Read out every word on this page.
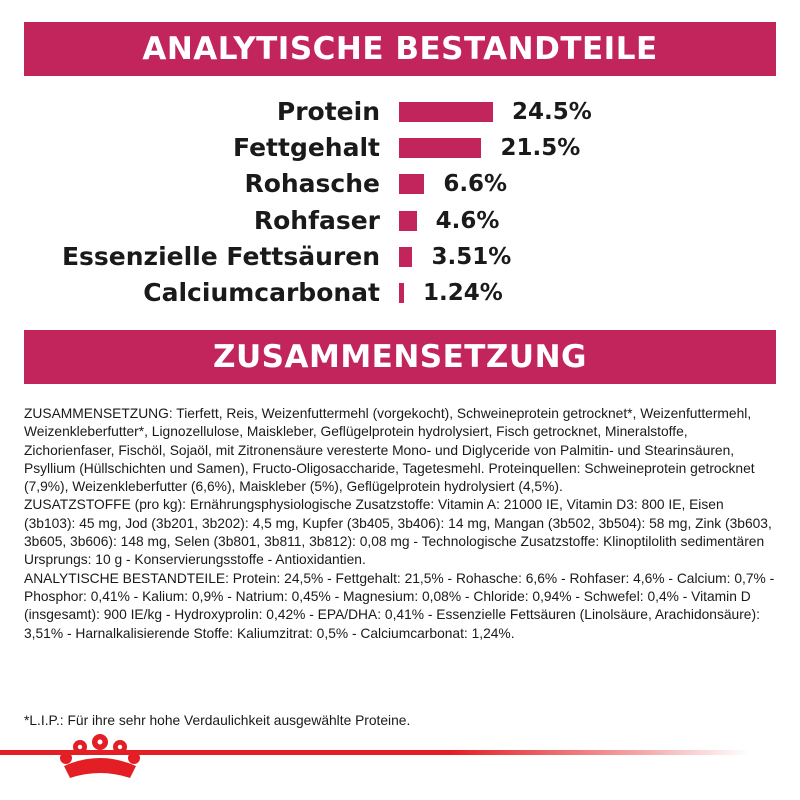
ANALYTISCHE BESTANDTEILE
Protein	24.5%
Fettgehalt	21.5%
Rohasche	6.6%
Rohfaser 4.6%
Essenzielle Fettsäuren 3.51%
Calciumcarbonat 1.24%
ZUSAMMENSETZUNG

ZUSAMMENSETZUNG: Tierfett, Reis, Weizenfuttermehl (vorgekocht), Schweineprotein getrocknet*, Weizenfuttermehl, Weizenkleberfutter*, Lignozellulose, Maiskleber, Geflügelprotein hydrolysiert, Fisch getrocknet, Mineralstoffe, Zichorienfaser, Fischöl, Sojaöl, mit Zitronensäure veresterte Mono- und Diglyceride von Palmitin- und Stearinsäuren, Psyllium (Hüllschichten und Samen), Fructo-Oligosaccharide, Tagetesmehl. Proteinquellen: Schweineprotein getrocknet (7,9%), Weizenkleberfutter (6,6%), Maiskleber (5%), Geflügelprotein hydrolysiert (4,5%).

ZUSATZSTOFFE (pro kg): Ernährungsphysiologische Zusatzstoffe: Vitamin A: 21000 IE, Vitamin D3: 800 IE, Eisen (3b103): 45 mg, Jod (3b201, 3b202): 4,5 mg, Kupfer (3b405, 3b406): 14 mg, Mangan (3b502, 3b504): 58 mg, Zink (3b603, 3b605, 3b606): 148 mg, Selen (3b801, 3b811, 3b812): 0,08 mg - Technologische Zusatzstoffe: Klinoptilolith sedimentären Ursprungs: 10 g - Konservierungsstoffe - Antioxidantien.

ANALYTISCHE BESTANDTEILE: Protein: 24,5% - Fettgehalt: 21,5% - Rohasche: 6,6% - Rohfaser: 4,6% - Calcium: 0,7% - Phosphor: 0,41% - Kalium: 0,9% - Natrium: 0,45% - Magnesium: 0,08% - Chloride: 0,94% - Schwefel: 0,4% - Vitamin D (insgesamt): 900 IE/kg - Hydroxyprolin: 0,42% - EPA/DHA: 0,41% - Essenzielle Fettsäuren (Linolsäure, Arachidonsäure): 3,51% - Harnalkalisierende Stoffe: Kaliumzitrat: 0,5% - Calciumcarbonat: 1,24%.

*L.I.P.: Für ihre sehr hohe Verdaulichkeit ausgewählte Proteine.
